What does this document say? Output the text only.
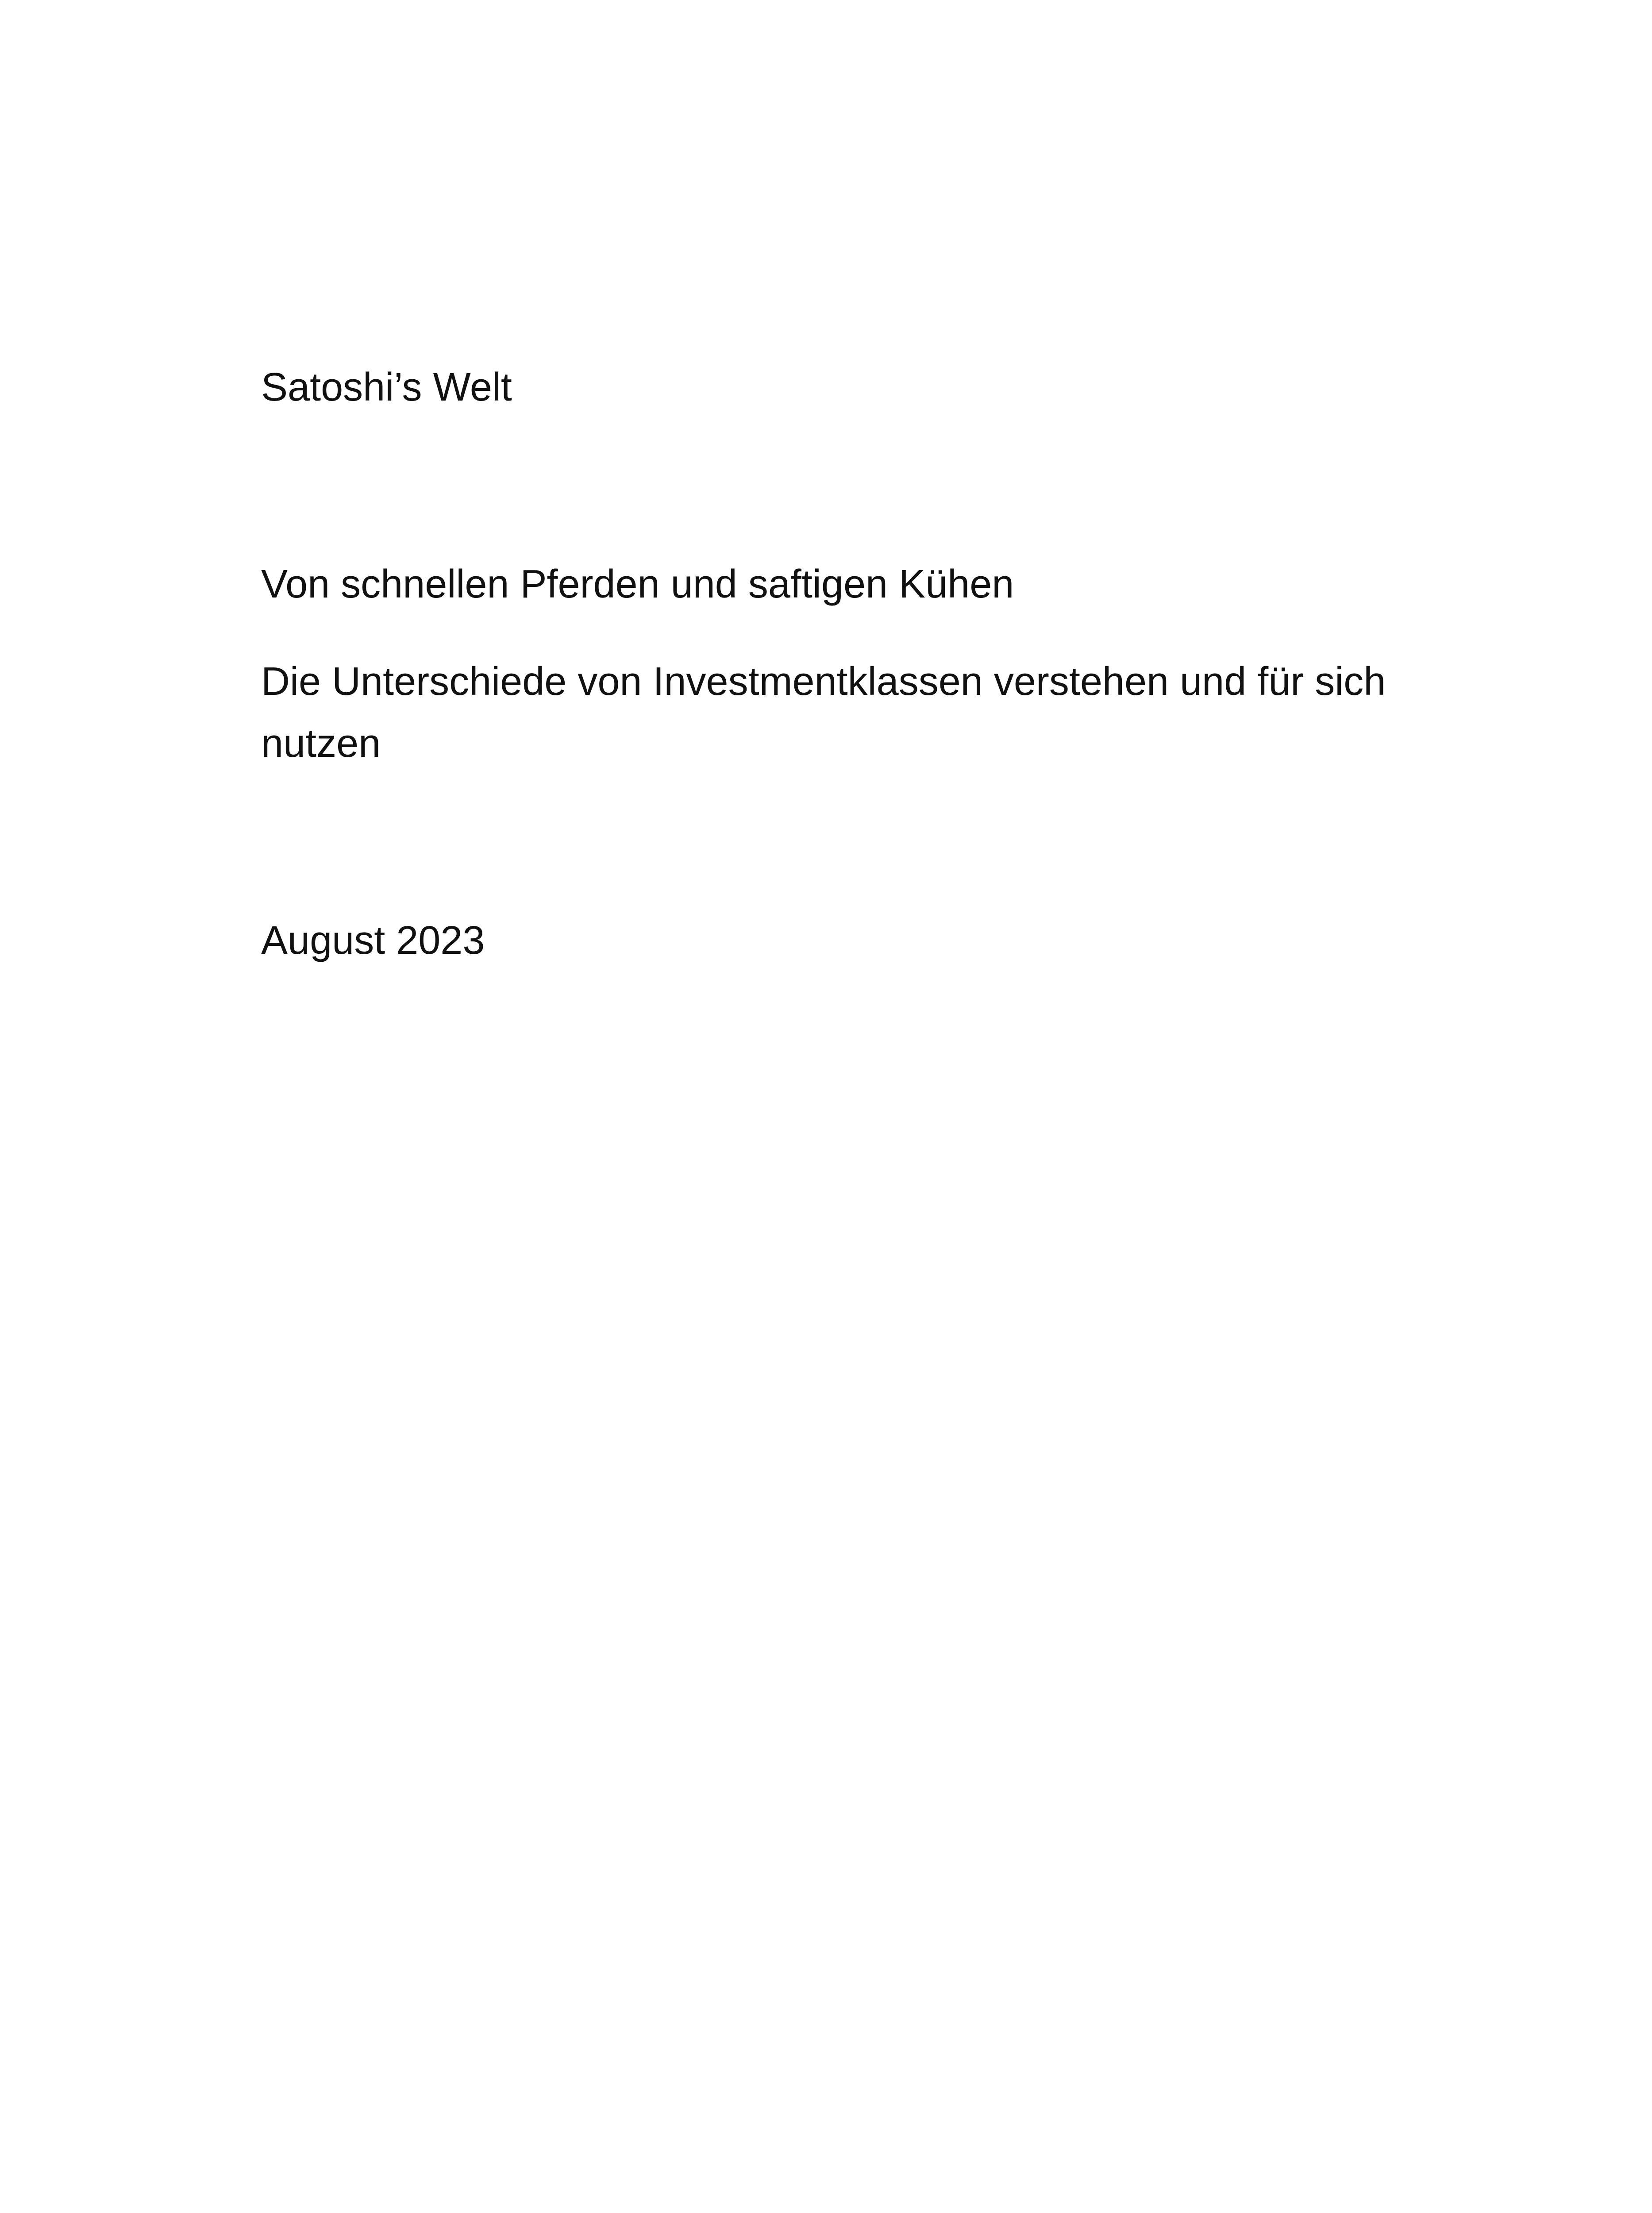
Satoshi’s Welt

Von schnellen Pferden und saftigen Kühen
Die Unterschiede von Investmentklassen verstehen und für sich nutzen

August 2023
